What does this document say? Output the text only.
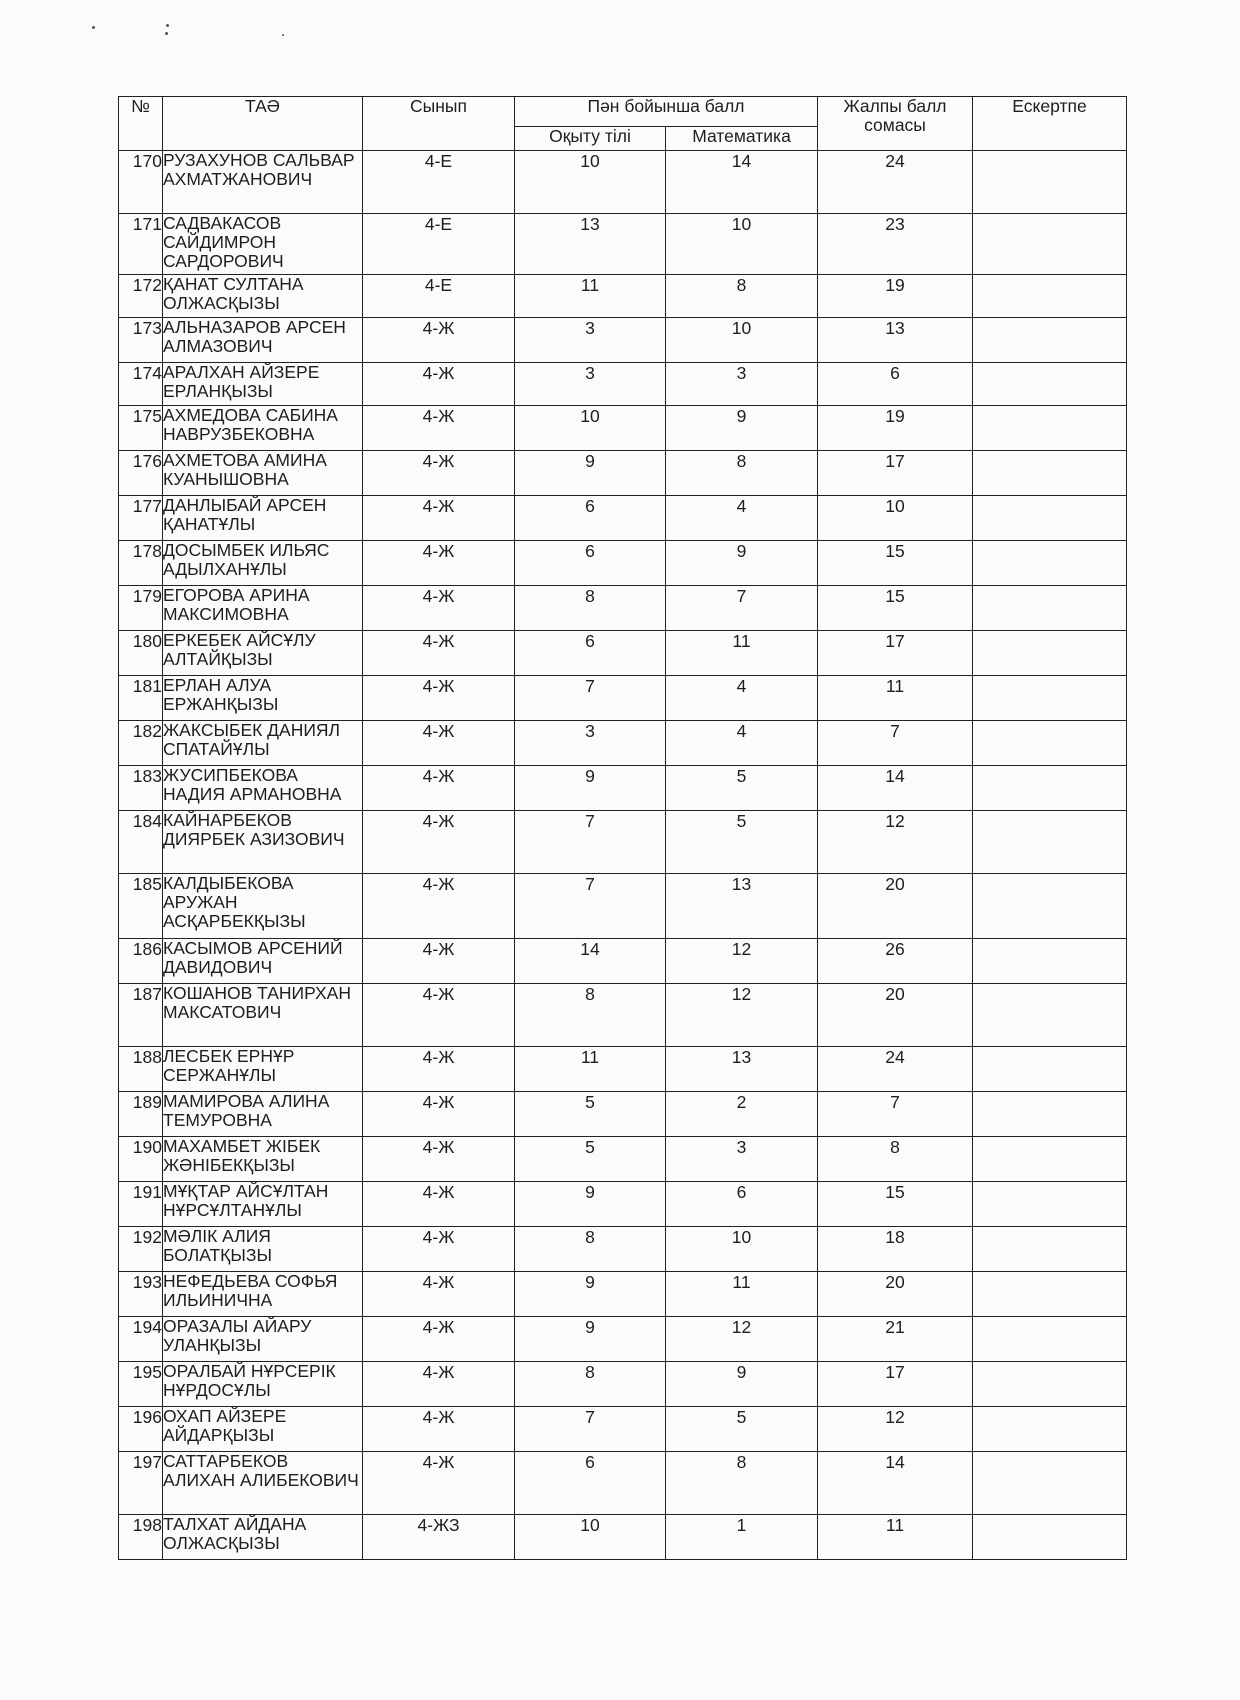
№	ТАӘ	Сынып	Пән бойынша балл		Жалпы балл сомасы	Ескертпе
			Оқыту тілі	Математика		
170	РУЗАХУНОВ САЛЬВАР АХМАТЖАНОВИЧ	4-Е	10	14	24	
171	САДВАКАСОВ САЙДИМРОН САРДОРОВИЧ	4-Е	13	10	23	
172	ҚАНАТ СУЛТАНА ОЛЖАСҚЫЗЫ	4-Е	11	8	19	
173	АЛЬНАЗАРОВ АРСЕН АЛМАЗОВИЧ	4-Ж	3	10	13	
174	АРАЛХАН АЙЗЕРЕ ЕРЛАНҚЫЗЫ	4-Ж	3	3	6	
175	АХМЕДОВА САБИНА НАВРУЗБЕКОВНА	4-Ж	10	9	19	
176	АХМЕТОВА АМИНА КУАНЫШОВНА	4-Ж	9	8	17	
177	ДАНЛЫБАЙ АРСЕН ҚАНАТҰЛЫ	4-Ж	6	4	10	
178	ДОСЫМБЕК ИЛЬЯС АДЫЛХАНҰЛЫ	4-Ж	6	9	15	
179	ЕГОРОВА АРИНА МАКСИМОВНА	4-Ж	8	7	15	
180	ЕРКЕБЕК АЙСҰЛУ АЛТАЙҚЫЗЫ	4-Ж	6	11	17	
181	ЕРЛАН АЛУА ЕРЖАНҚЫЗЫ	4-Ж	7	4	11	
182	ЖАКСЫБЕК ДАНИЯЛ СПАТАЙҰЛЫ	4-Ж	3	4	7	
183	ЖУСИПБЕКОВА НАДИЯ АРМАНОВНА	4-Ж	9	5	14	
184	КАЙНАРБЕКОВ ДИЯРБЕК АЗИЗОВИЧ	4-Ж	7	5	12	
185	КАЛДЫБЕКОВА АРУЖАН АСҚАРБЕКҚЫЗЫ	4-Ж	7	13	20	
186	КАСЫМОВ АРСЕНИЙ ДАВИДОВИЧ	4-Ж	14	12	26	
187	КОШАНОВ ТАНИРХАН МАКСАТОВИЧ	4-Ж	8	12	20	
188	ЛЕСБЕК ЕРНҰР СЕРЖАНҰЛЫ	4-Ж	11	13	24	
189	МАМИРОВА АЛИНА ТЕМУРОВНА	4-Ж	5	2	7	
190	МАХАМБЕТ ЖІБЕК ЖӘНІБЕКҚЫЗЫ	4-Ж	5	3	8	
191	МҰҚТАР АЙСҰЛТАН НҰРСҰЛТАНҰЛЫ	4-Ж	9	6	15	
192	МӘЛІК АЛИЯ БОЛАТҚЫЗЫ	4-Ж	8	10	18	
193	НЕФЕДЬЕВА СОФЬЯ ИЛЬИНИЧНА	4-Ж	9	11	20	
194	ОРАЗАЛЫ АЙАРУ УЛАНҚЫЗЫ	4-Ж	9	12	21	
195	ОРАЛБАЙ НҰРСЕРІК НҰРДОСҰЛЫ	4-Ж	8	9	17	
196	ОХАП АЙЗЕРЕ АЙДАРҚЫЗЫ	4-Ж	7	5	12	
197	САТТАРБЕКОВ АЛИХАН АЛИБЕКОВИЧ	4-Ж	6	8	14	
198	ТАЛХАТ АЙДАНА ОЛЖАСҚЫЗЫ	4-ЖЗ	10	1	11	
